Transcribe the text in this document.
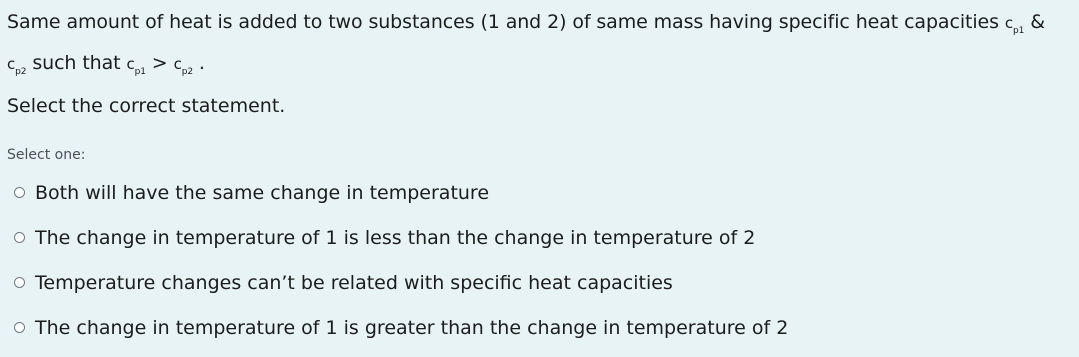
Same amount of heat is added to two substances (1 and 2) of same mass having specific heat capacities $c_{p1}$ &
$c_{p2}$ such that $c_{p1} > c_{p2}$ .
Select the correct statement.
Select one:
Both will have the same change in temperature
The change in temperature of 1 is less than the change in temperature of 2
Temperature changes can’t be related with specific heat capacities
The change in temperature of 1 is greater than the change in temperature of 2
